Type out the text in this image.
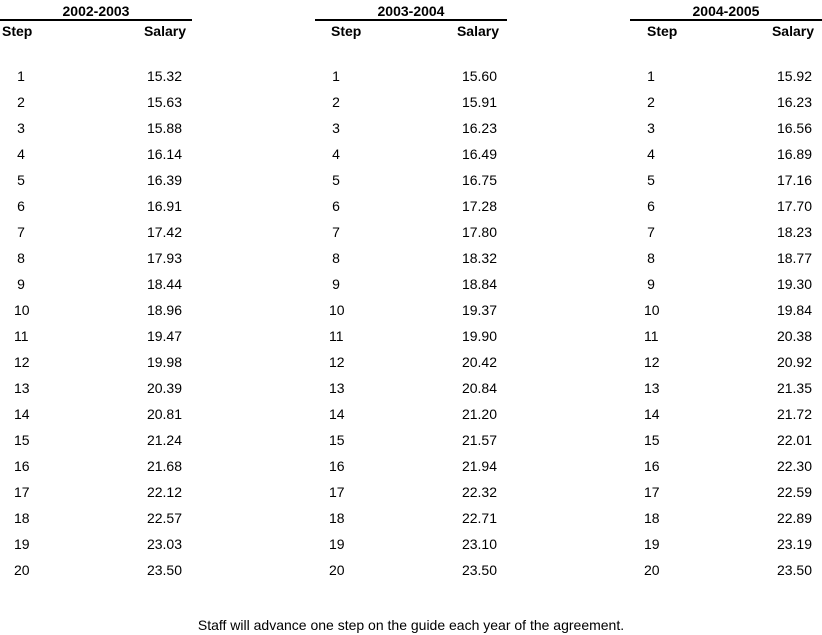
2002-2003
Step	Salary
1	15.32
2	15.63
3	15.88
4	16.14
5	16.39
6	16.91
7	17.42
8	17.93
9	18.44
10	18.96
11	19.47
12	19.98
13	20.39
14	20.81
15	21.24
16	21.68
17	22.12
18	22.57
19	23.03
20	23.50
2003-2004
Step	Salary
1	15.60
2	15.91
3	16.23
4	16.49
5	16.75
6	17.28
7	17.80
8	18.32
9	18.84
10	19.37
11	19.90
12	20.42
13	20.84
14	21.20
15	21.57
16	21.94
17	22.32
18	22.71
19	23.10
20	23.50
2004-2005
Step	Salary
1	15.92
2	16.23
3	16.56
4	16.89
5	17.16
6	17.70
7	18.23
8	18.77
9	19.30
10	19.84
11	20.38
12	20.92
13	21.35
14	21.72
15	22.01
16	22.30
17	22.59
18	22.89
19	23.19
20	23.50
Staff will advance one step on the guide each year of the agreement.
